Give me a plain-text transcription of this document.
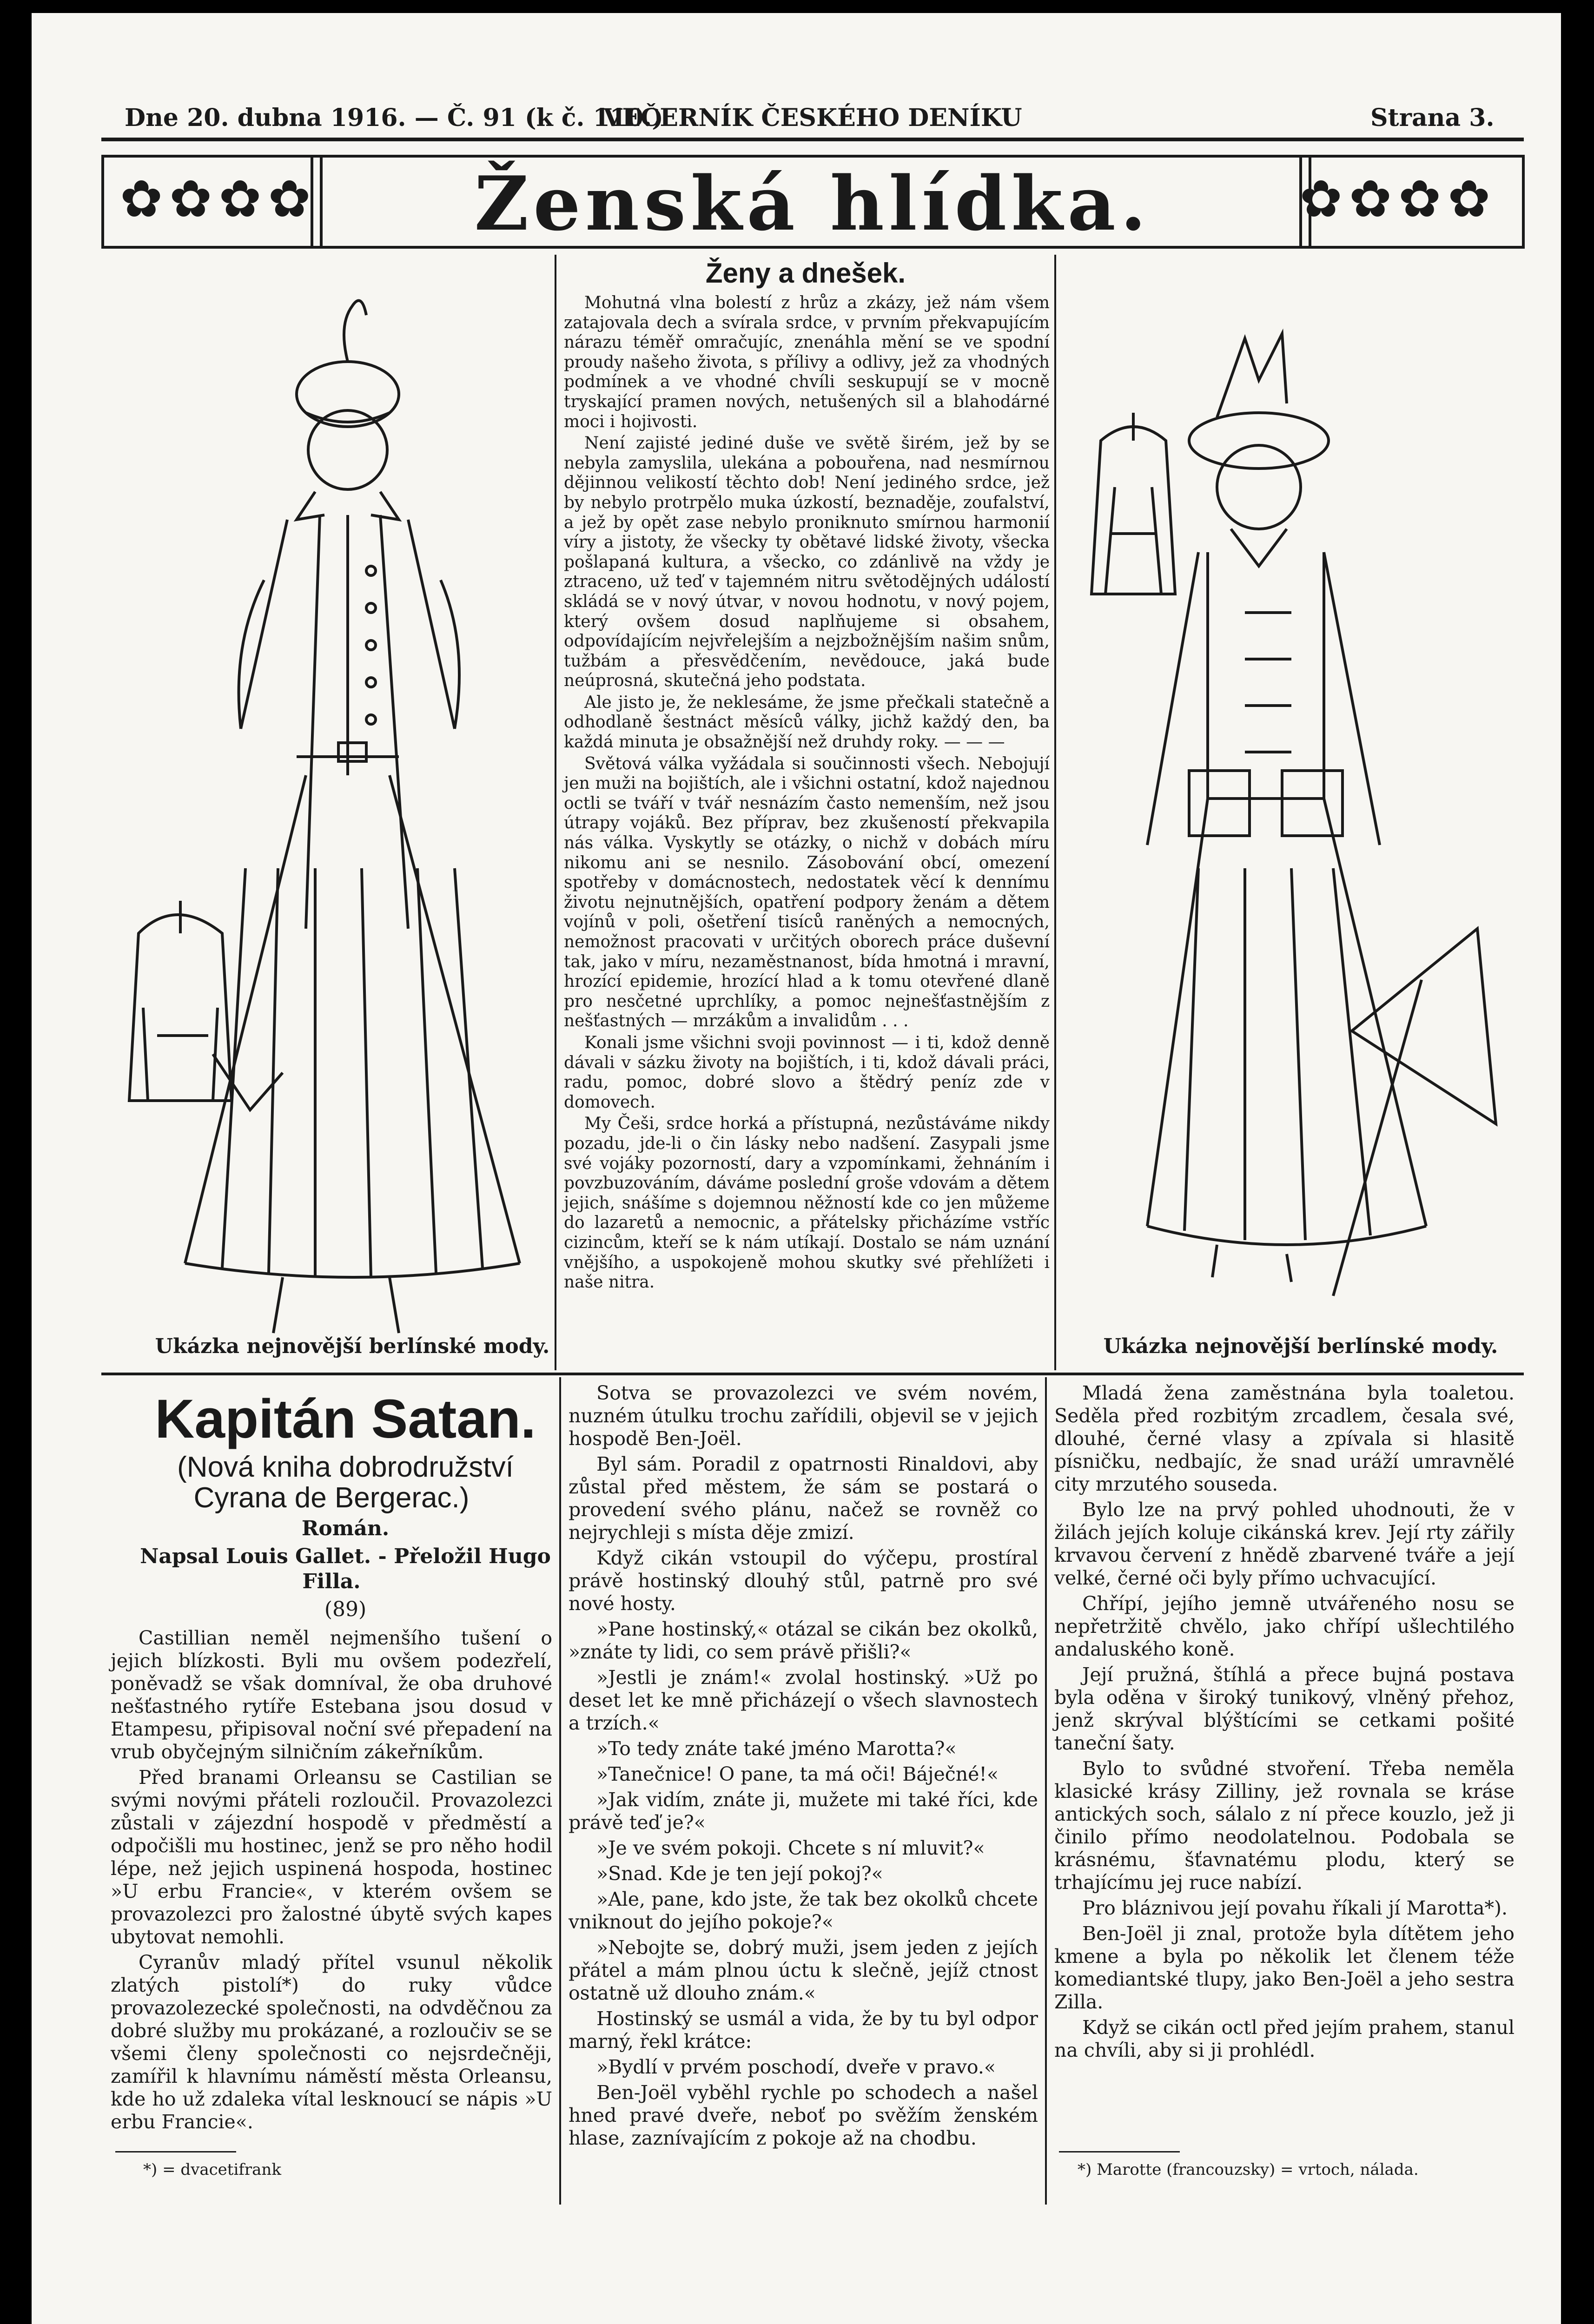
Dne 20. dubna 1916. — Č. 91 (k č. 110.)
VEČERNÍK ČESKÉHO DENÍKU	Strana 3.
✿✿✿✿	Ženská hlídka.	✿✿✿✿
Ukázka nejnovější berlínské mody.
Ženy a dnešek.

Mohutná vlna bolestí z hrůz a zkázy, jež nám všem zatajovala dech a svírala srdce, v prvním překvapujícím nárazu téměř omračujíc, znenáhla mění se ve spodní proudy našeho života, s přílivy a odlivy, jež za vhodných podmínek a ve vhodné chvíli seskupují se v mocně tryskající pramen nových, netušených sil a blahodárné moci i hojivosti.

Není zajisté jediné duše ve světě širém, jež by se nebyla zamyslila, ulekána a pobouřena, nad nesmírnou dějinnou velikostí těchto dob! Není jediného srdce, jež by nebylo protrpělo muka úzkostí, beznaděje, zoufalství, a jež by opět zase nebylo proniknuto smírnou harmonií víry a jistoty, že všecky ty obětavé lidské životy, všecka pošlapaná kultura, a všecko, co zdánlivě na vždy je ztraceno, už teď v tajemném nitru světodějných událostí skládá se v nový útvar, v novou hodnotu, v nový pojem, který ovšem dosud naplňujeme si obsahem, odpovídajícím nejvřelejším a nejzbožnějším našim snům, tužbám a přesvědčením, nevědouce, jaká bude neúprosná, skutečná jeho podstata.

Ale jisto je, že neklesáme, že jsme přečkali statečně a odhodlaně šestnáct měsíců války, jichž každý den, ba každá minuta je obsažnější než druhdy roky. — — —

Světová válka vyžádala si součinnosti všech. Nebojují jen muži na bojištích, ale i všichni ostatní, kdož najednou octli se tváří v tvář nesnázím často nemenším, než jsou útrapy vojáků. Bez příprav, bez zkušeností překvapila nás válka. Vyskytly se otázky, o nichž v dobách míru nikomu ani se nesnilo. Zásobování obcí, omezení spotřeby v domácnostech, nedostatek věcí k dennímu životu nejnutnějších, opatření podpory ženám a dětem vojínů v poli, ošetření tisíců raněných a nemocných, nemožnost pracovati v určitých oborech práce duševní tak, jako v míru, nezaměstnanost, bída hmotná i mravní, hrozící epidemie, hrozící hlad a k tomu otevřené dlaně pro nesčetné uprchlíky, a pomoc nejnešťastnějším z nešťastných — mrzákům a invalidům . . .

Konali jsme všichni svoji povinnost — i ti, kdož denně dávali v sázku životy na bojištích, i ti, kdož dávali práci, radu, pomoc, dobré slovo a štědrý peníz zde v domovech.

My Češi, srdce horká a přístupná, nezůstáváme nikdy pozadu, jde-li o čin lásky nebo nadšení. Zasypali jsme své vojáky pozorností, dary a vzpomínkami, žehnáním i povzbuzováním, dáváme poslední groše vdovám a dětem jejich, snášíme s dojemnou něžností kde co jen můžeme do lazaretů a nemocnic, a přátelsky přicházíme vstříc cizincům, kteří se k nám utíkají. Dostalo se nám uznání vnějšího, a uspokojeně mohou skutky své přehlížeti i naše nitra.

Ukázka nejnovější berlínské mody.

Kapitán Satan.

(Nová kniha dobrodružství Cyrana de Bergerac.)

Román.

Napsal Louis Gallet. - Přeložil Hugo Filla.

(89)

Castillian neměl nejmenšího tušení o jejich blízkosti. Byli mu ovšem podezřelí, poněvadž se však domníval, že oba druhové nešťastného rytíře Estebana jsou dosud v Etampesu, připisoval noční své přepadení na vrub obyčejným silničním zákeřníkům.

Před branami Orleansu se Castilian se svými novými přáteli rozloučil. Provazolezci zůstali v zájezdní hospodě v předměstí a odpočišli mu hostinec, jenž se pro něho hodil lépe, než jejich uspinená hospoda, hostinec »U erbu Francie«, v kterém ovšem se provazolezci pro žalostné úbytě svých kapes ubytovat nemohli.

Cyranův mladý přítel vsunul několik zlatých pistolí*) do ruky vůdce provazolezecké společnosti, na odvděčnou za dobré služby mu prokázané, a rozloučiv se se všemi členy společnosti co nejsrdečněji, zamířil k hlavnímu náměstí města Orleansu, kde ho už zdaleka vítal lesknoucí se nápis »U erbu Francie«.

*) = dvacetifrank

Sotva se provazolezci ve svém novém, nuzném útulku trochu zařídili, objevil se v jejich hospodě Ben-Joël.

Byl sám. Poradil z opatrnosti Rinaldovi, aby zůstal před městem, že sám se postará o provedení svého plánu, načež se rovněž co nejrychleji s místa děje zmizí.

Když cikán vstoupil do výčepu, prostíral právě hostinský dlouhý stůl, patrně pro své nové hosty.

»Pane hostinský,« otázal se cikán bez okolků, »znáte ty lidi, co sem právě přišli?«

»Jestli je znám!« zvolal hostinský. »Už po deset let ke mně přicházejí o všech slavnostech a trzích.«

»To tedy znáte také jméno Marotta?«

»Tanečnice! O pane, ta má oči! Báječné!«

»Jak vidím, znáte ji, mužete mi také říci, kde právě teď je?«

»Je ve svém pokoji. Chcete s ní mluvit?«

»Snad. Kde je ten její pokoj?«

»Ale, pane, kdo jste, že tak bez okolků chcete vniknout do jejího pokoje?«

»Nebojte se, dobrý muži, jsem jeden z jejích přátel a mám plnou úctu k slečně, jejíž ctnost ostatně už dlouho znám.«

Hostinský se usmál a vida, že by tu byl odpor marný, řekl krátce:

»Bydlí v prvém poschodí, dveře v pravo.«

Ben-Joël vyběhl rychle po schodech a našel hned pravé dveře, neboť po svěžím ženském hlase, zaznívajícím z pokoje až na chodbu.

Mladá žena zaměstnána byla toaletou. Seděla před rozbitým zrcadlem, česala své, dlouhé, černé vlasy a zpívala si hlasitě písničku, nedbajíc, že snad uráží umravnělé city mrzutého souseda.

Bylo lze na prvý pohled uhodnouti, že v žilách jejích koluje cikánská krev. Její rty zářily krvavou červení z hnědě zbarvené tváře a její velké, černé oči byly přímo uchvacující.

Chřípí, jejího jemně utvářeného nosu se nepřetržitě chvělo, jako chřípí ušlechtilého andaluského koně.

Její pružná, štíhlá a přece bujná postava byla oděna v široký tunikový, vlněný přehoz, jenž skrýval blýštícími se cetkami pošité taneční šaty.

Bylo to svůdné stvoření. Třeba neměla klasické krásy Zilliny, jež rovnala se kráse antických soch, sálalo z ní přece kouzlo, jež ji činilo přímo neodolatelnou. Podobala se krásnému, šťavnatému plodu, který se trhajícímu jej ruce nabízí.

Pro bláznivou její povahu říkali jí Marotta*).

Ben-Joël ji znal, protože byla dítětem jeho kmene a byla po několik let členem téže komediantské tlupy, jako Ben-Joël a jeho sestra Zilla.

Když se cikán octl před jejím prahem, stanul na chvíli, aby si ji prohlédl.

*) Marotte (francouzsky) = vrtoch, nálada.
